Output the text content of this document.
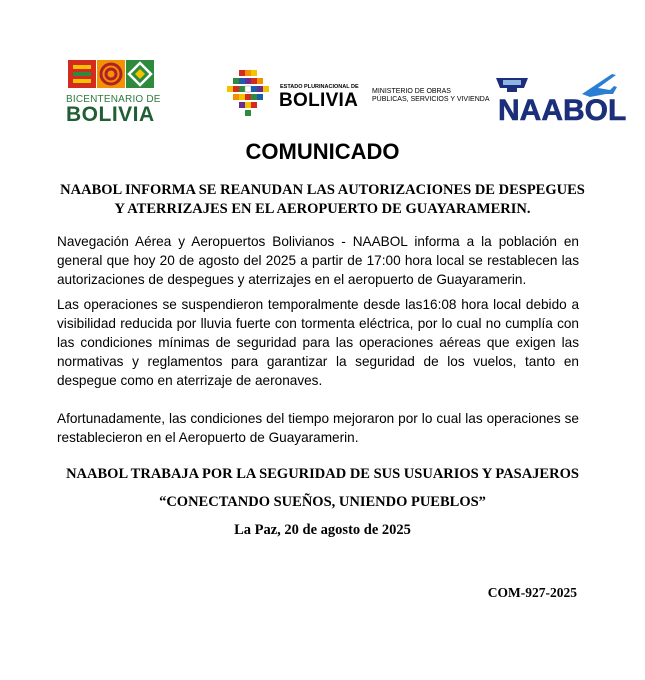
BICENTENARIO DE
BOLIVIA
ESTADO PLURINACIONAL DE
BOLIVIA MINISTERIO DE OBRAS
PÚBLICAS, SERVICIOS Y VIVIENDA NAABOL
COMUNICADO
NAABOL INFORMA SE REANUDAN LAS AUTORIZACIONES DE DESPEGUES
Y ATERRIZAJES EN EL AEROPUERTO DE GUAYARAMERIN.

Navegación Aérea y Aeropuertos Bolivianos - NAABOL informa a la población en general que hoy 20 de agosto del 2025 a partir de 17:00 hora local se restablecen las autorizaciones de despegues y aterrizajes en el aeropuerto de Guayaramerin.

Las operaciones se suspendieron temporalmente desde las16:08 hora local debido a visibilidad reducida por lluvia fuerte con tormenta eléctrica, por lo cual no cumplía con las condiciones mínimas de seguridad para las operaciones aéreas que exigen las normativas y reglamentos para garantizar la seguridad de los vuelos, tanto en despegue como en aterrizaje de aeronaves.

Afortunadamente, las condiciones del tiempo mejoraron por lo cual las operaciones se restablecieron en el Aeropuerto de Guayaramerin.

NAABOL TRABAJA POR LA SEGURIDAD DE SUS USUARIOS Y PASAJEROS
“CONECTANDO SUEÑOS, UNIENDO PUEBLOS”
La Paz, 20 de agosto de 2025
COM-927-2025
